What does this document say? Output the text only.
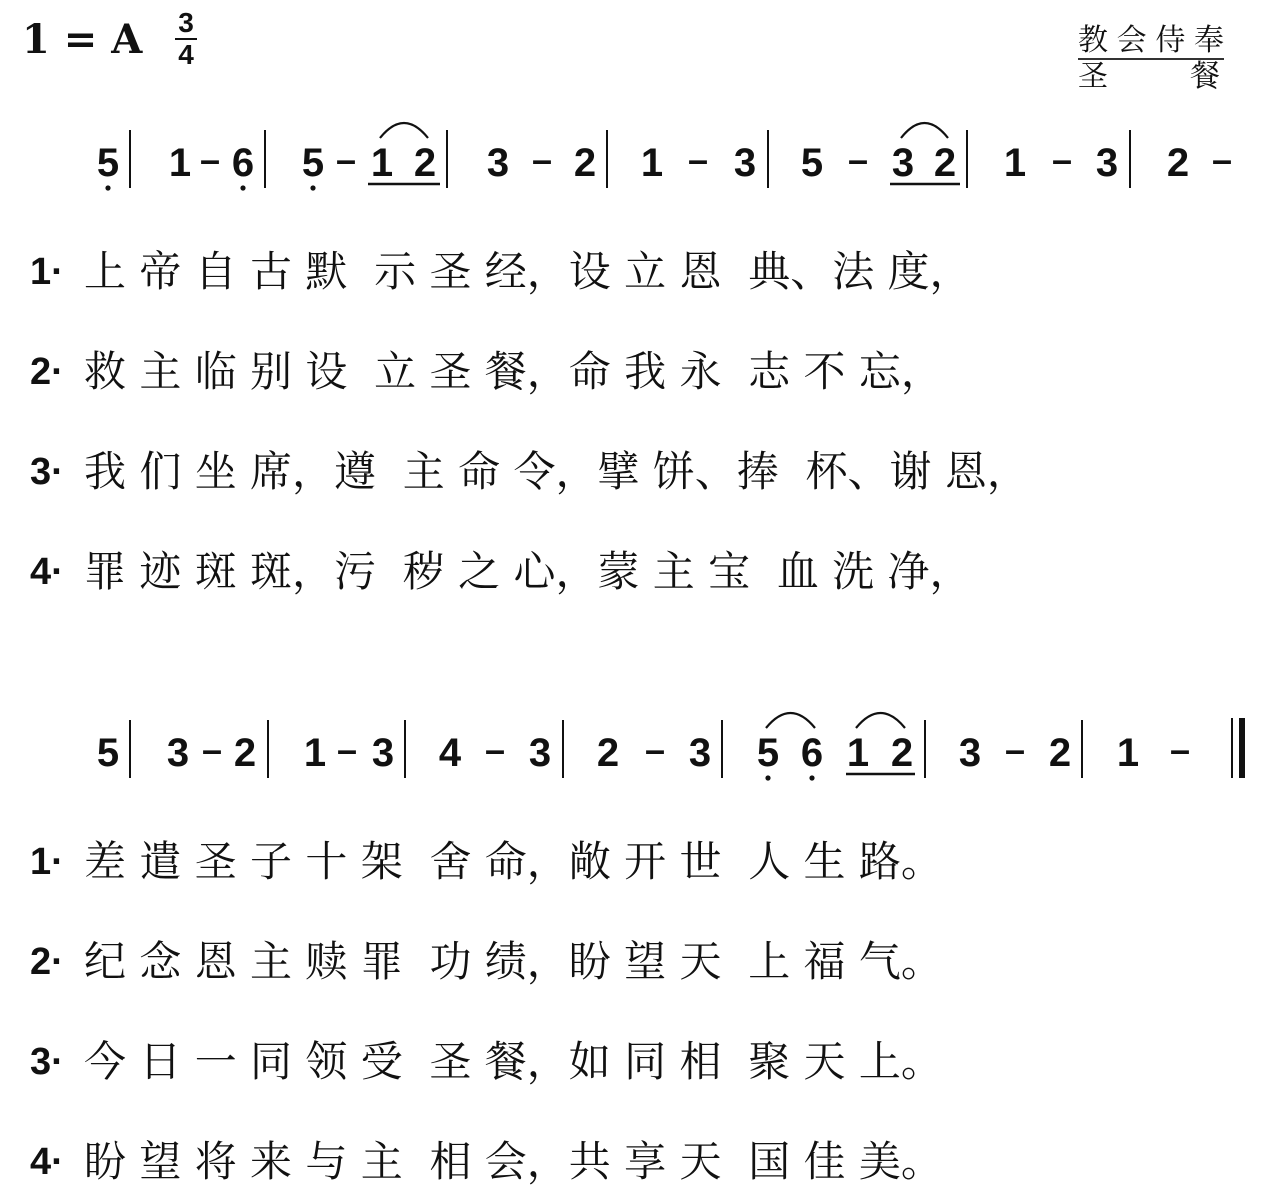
1 = A 3
4	教会侍奉
圣	餐
5 1 – 6 5 – 1 2 3 – 2 1 – 3 5 – 3 2 1 – 3 2 –
1· 上 帝 自 古 默  示 圣 经，设 立 恩  典、法 度，
2· 救 主 临 别 设  立 圣 餐，命 我 永  志 不 忘，
3· 我 们 坐 席，遵  主 命 令，擘 饼、捧  杯、谢 恩，
4· 罪 迹 斑 斑，污  秽 之 心，蒙 主 宝  血 洗 净，
5 3 – 2 1 – 3 4 – 3 2 – 3 5 6 1 2 3 – 2 1 –
1· 差 遣 圣 子 十 架  舍 命，敞 开 世  人 生 路。
2· 纪 念 恩 主 赎 罪  功 绩，盼 望 天  上 福 气。
3· 今 日 一 同 领 受  圣 餐，如 同 相  聚 天 上。
4· 盼 望 将 来 与 主  相 会，共 享 天  国 佳 美。
